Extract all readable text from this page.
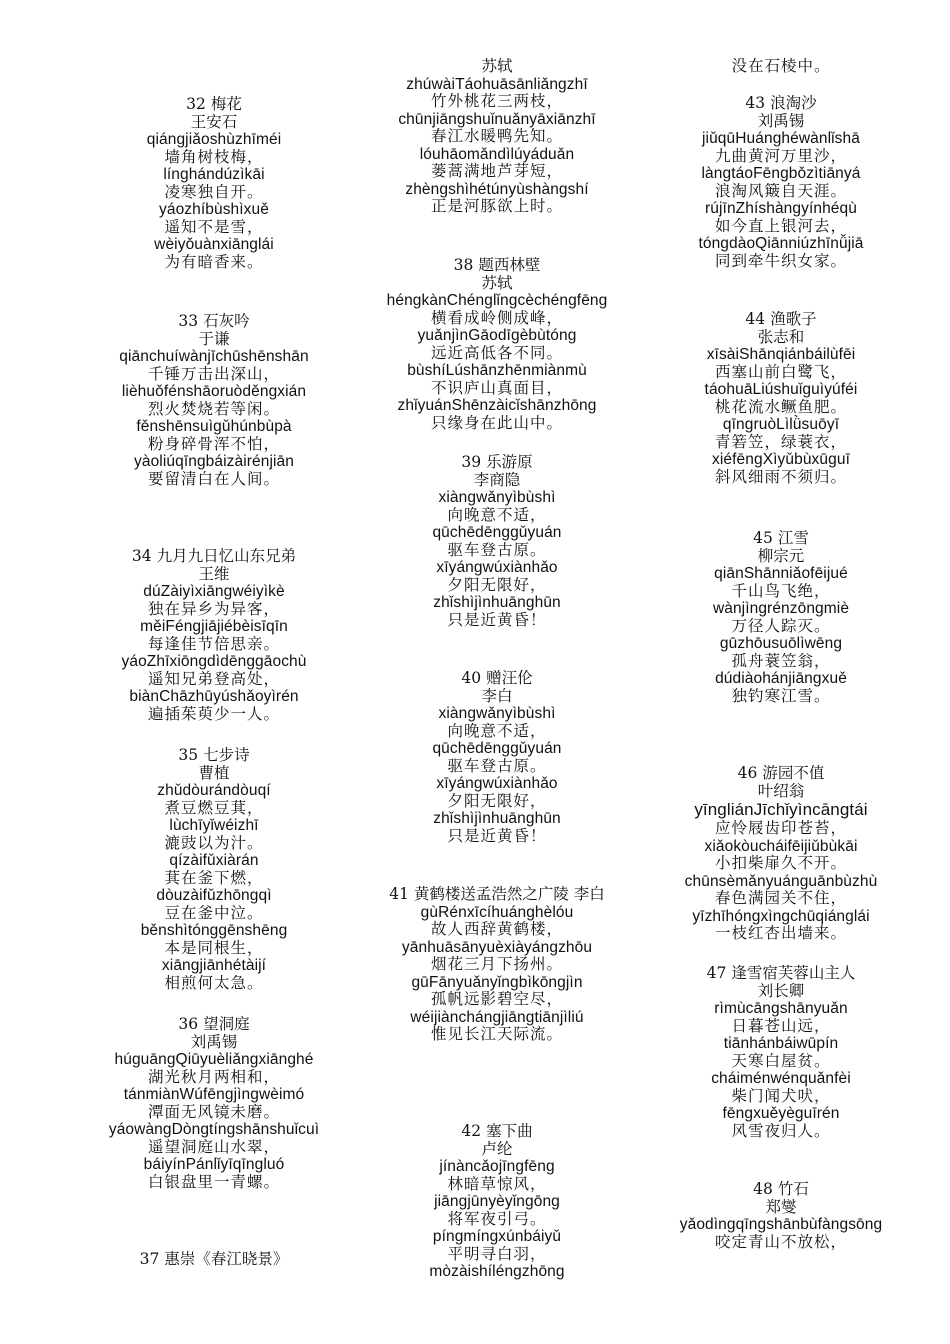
32 梅花
王安石
qiángjiǎoshùzhīméi
墙角树枝梅，
línghándúzìkāi
凌寒独自开。
yáozhíbùshìxuě
遥知不是雪，
wèiyǒuànxiānglái
为有暗香来。
33 石灰吟
于谦
qiānchuíwànjīchūshēnshān
千锤万击出深山，
lièhuǒfénshāoruòděngxián
烈火焚烧若等闲。
fěnshēnsuìgǔhúnbùpà
粉身碎骨浑不怕，
yàoliúqīngbáizàirénjiān
要留清白在人间。
34 九月九日忆山东兄弟
王维
dúZàiyìxiāngwéiyìkè
独在异乡为异客，
měiFéngjiājiébèisīqīn
每逢佳节倍思亲。
yáoZhīxiōngdìdēnggāochù
遥知兄弟登高处，
biànChāzhūyúshǎoyìrén
遍插茱萸少一人。
35 七步诗
曹植
zhǔdòurándòuqí
煮豆燃豆萁，
lùchīyǐwéizhī
漉豉以为汁。
qízàifǔxiàrán
萁在釜下燃，
dòuzàifǔzhōngqì
豆在釜中泣。
běnshìtónggēnshēng
本是同根生，
xiāngjiānhétàijí
相煎何太急。
36 望洞庭
刘禹锡
húguāngQiūyuèliǎngxiānghé
湖光秋月两相和，
tánmiànWúfēngjìngwèimó
潭面无风镜未磨。
yáowàngDòngtíngshānshuǐcuì
遥望洞庭山水翠，
báiyínPánlǐyīqīngluó
白银盘里一青螺。
37 惠崇《春江晓景》
苏轼
zhúwàiTáohuāsānliǎngzhī
竹外桃花三两枝，
chūnjiāngshuǐnuǎnyāxiānzhī
春江水暖鸭先知。
lóuhāomǎndìlúyáduǎn
蒌蒿满地芦芽短，
zhèngshìhétúnyùshàngshí
正是河豚欲上时。
38 题西林壁
苏轼
héngkànChénglǐngcèchéngfēng
横看成岭侧成峰，
yuǎnjìnGāodīgèbùtóng
远近高低各不同。
bùshíLúshānzhēnmiànmù
不识庐山真面目，
zhǐyuánShēnzàicǐshānzhōng
只缘身在此山中。
39 乐游原
李商隐
xiàngwǎnyìbùshì
向晚意不适，
qūchēdēnggǔyuán
驱车登古原。
xīyángwúxiànhǎo
夕阳无限好，
zhǐshìjìnhuānghūn
只是近黄昏！
40 赠汪伦
李白
xiàngwǎnyìbùshì
向晚意不适，
qūchēdēnggǔyuán
驱车登古原。
xīyángwúxiànhǎo
夕阳无限好，
zhǐshìjìnhuānghūn
只是近黄昏！
41 黄鹤楼送孟浩然之广陵 李白
gùRénxīcíhuánghèlóu
故人西辞黄鹤楼，
yānhuāsānyuèxiàyángzhōu
烟花三月下扬州。
gūFānyuǎnyǐngbìkōngjìn
孤帆远影碧空尽，
wéijiànchángjiāngtiānjìliú
惟见长江天际流。
42 塞下曲
卢纶
jínàncǎojīngfēng
林暗草惊风，
jiāngjūnyèyǐngōng
将军夜引弓。
píngmíngxúnbáiyǔ
平明寻白羽，
mòzàishíléngzhōng
没在石棱中。
43 浪淘沙
刘禹锡
jiǔqūHuánghéwànlǐshā
九曲黄河万里沙，
làngtáoFēngbǒzìtiānyá
浪淘风簸自天涯。
rújīnZhíshàngyínhéqù
如今直上银河去，
tóngdàoQiānniúzhīnǚjiā
同到牵牛织女家。
44 渔歌子
张志和
xīsàiShānqiánbáilùfēi
西塞山前白鹭飞，
táohuāLiúshuǐguìyúféi
桃花流水鳜鱼肥。
qīngruòLìlǜsuōyī
青箬笠，绿蓑衣，
xiéfēngXìyǔbùxūguī
斜风细雨不须归。
45 江雪
柳宗元
qiānShānniǎofēijué
千山鸟飞绝，
wànjìngrénzōngmiè
万径人踪灭。
gūzhōusuōlìwēng
孤舟蓑笠翁，
dúdiàohánjiāngxuě
独钓寒江雪。
46 游园不值
叶绍翁
yīngliánJīchǐyìncāngtái
应怜屐齿印苍苔，
xiǎokòucháifēijiǔbùkāi
小扣柴扉久不开。
chūnsèmǎnyuánguānbùzhù
春色满园关不住，
yīzhīhóngxìngchūqiánglái
一枝红杏出墙来。
47 逢雪宿芙蓉山主人
刘长卿
rìmùcāngshānyuǎn
日暮苍山远，
tiānhánbáiwūpín
天寒白屋贫。
cháiménwénquǎnfèi
柴门闻犬吠，
fēngxuěyèguīrén
风雪夜归人。
48 竹石
郑燮
yǎodìngqīngshānbùfàngsōng
咬定青山不放松，
